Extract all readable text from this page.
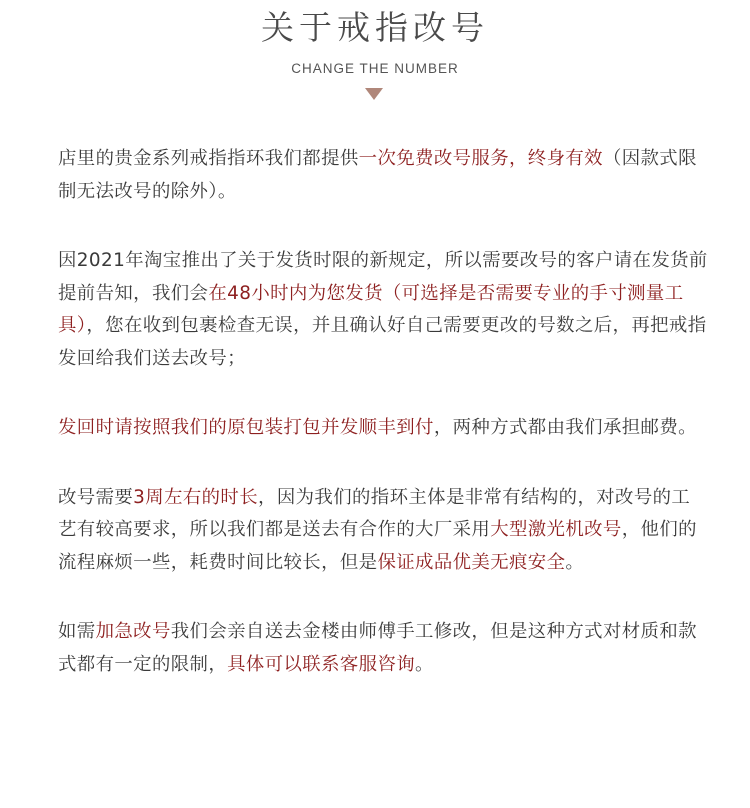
关于戒指改号
CHANGE THE NUMBER

店里的贵金系列戒指指环我们都提供一次免费改号服务，终身有效（因款式限制无法改号的除外）。

因2021年淘宝推出了关于发货时限的新规定，所以需要改号的客户请在发货前提前告知，我们会在48小时内为您发货（可选择是否需要专业的手寸测量工具），您在收到包裹检查无误，并且确认好自己需要更改的号数之后，再把戒指发回给我们送去改号；

发回时请按照我们的原包装打包并发顺丰到付，两种方式都由我们承担邮费。

改号需要3周左右的时长，因为我们的指环主体是非常有结构的，对改号的工艺有较高要求，所以我们都是送去有合作的大厂采用大型激光机改号，他们的流程麻烦一些，耗费时间比较长，但是保证成品优美无痕安全。

如需加急改号我们会亲自送去金楼由师傅手工修改，但是这种方式对材质和款式都有一定的限制，具体可以联系客服咨询。
